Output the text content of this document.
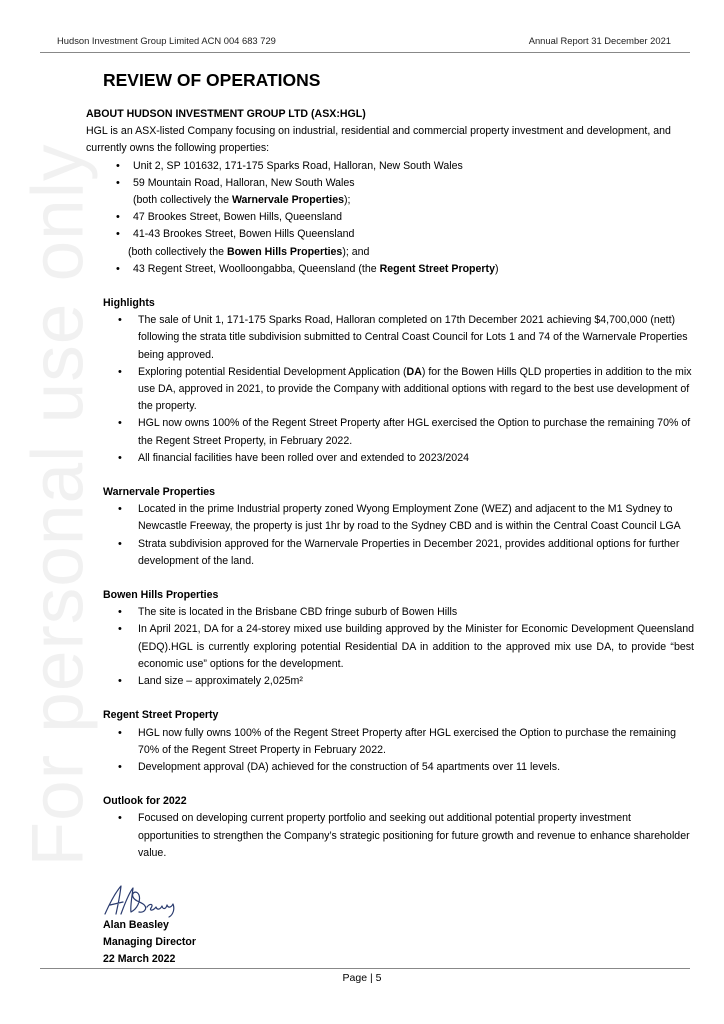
For personal use only
Hudson Investment Group Limited ACN 004 683 729	Annual Report 31 December 2021
REVIEW OF OPERATIONS

ABOUT HUDSON INVESTMENT GROUP LTD (ASX:HGL)

HGL is an ASX-listed Company focusing on industrial, residential and commercial property investment and development, and currently owns the following properties:

• Unit 2, SP 101632, 171-175 Sparks Road, Halloran, New South Wales
• 59 Mountain Road, Halloran, New South Wales
(both collectively the Warnervale Properties);
• 47 Brookes Street, Bowen Hills, Queensland
• 41-43 Brookes Street, Bowen Hills Queensland
(both collectively the Bowen Hills Properties); and
• 43 Regent Street, Woolloongabba, Queensland (the Regent Street Property)

Highlights

• The sale of Unit 1, 171-175 Sparks Road, Halloran completed on 17th December 2021 achieving $4,700,000 (nett) following the strata title subdivision submitted to Central Coast Council for Lots 1 and 74 of the Warnervale Properties being approved.
• Exploring potential Residential Development Application (DA) for the Bowen Hills QLD properties in addition to the mix use DA, approved in 2021, to provide the Company with additional options with regard to the best use development of the property.
• HGL now owns 100% of the Regent Street Property after HGL exercised the Option to purchase the remaining 70% of the Regent Street Property, in February 2022.
• All financial facilities have been rolled over and extended to 2023/2024

Warnervale Properties

• Located in the prime Industrial property zoned Wyong Employment Zone (WEZ) and adjacent to the M1 Sydney to Newcastle Freeway, the property is just 1hr by road to the Sydney CBD and is within the Central Coast Council LGA
• Strata subdivision approved for the Warnervale Properties in December 2021, provides additional options for further development of the land.

Bowen Hills Properties

• The site is located in the Brisbane CBD fringe suburb of Bowen Hills
• In April 2021, DA for a 24-storey mixed use building approved by the Minister for Economic Development Queensland (EDQ).HGL is currently exploring potential Residential DA in addition to the approved mix use DA, to provide “best economic use” options for the development.
• Land size – approximately 2,025m²

Regent Street Property

• HGL now fully owns 100% of the Regent Street Property after HGL exercised the Option to purchase the remaining 70% of the Regent Street Property in February 2022.
• Development approval (DA) achieved for the construction of 54 apartments over 11 levels.

Outlook for 2022

• Focused on developing current property portfolio and seeking out additional potential property investment opportunities to strengthen the Company’s strategic positioning for future growth and revenue to enhance shareholder value.
Alan Beasley
Managing Director
22 March 2022
Page | 5
